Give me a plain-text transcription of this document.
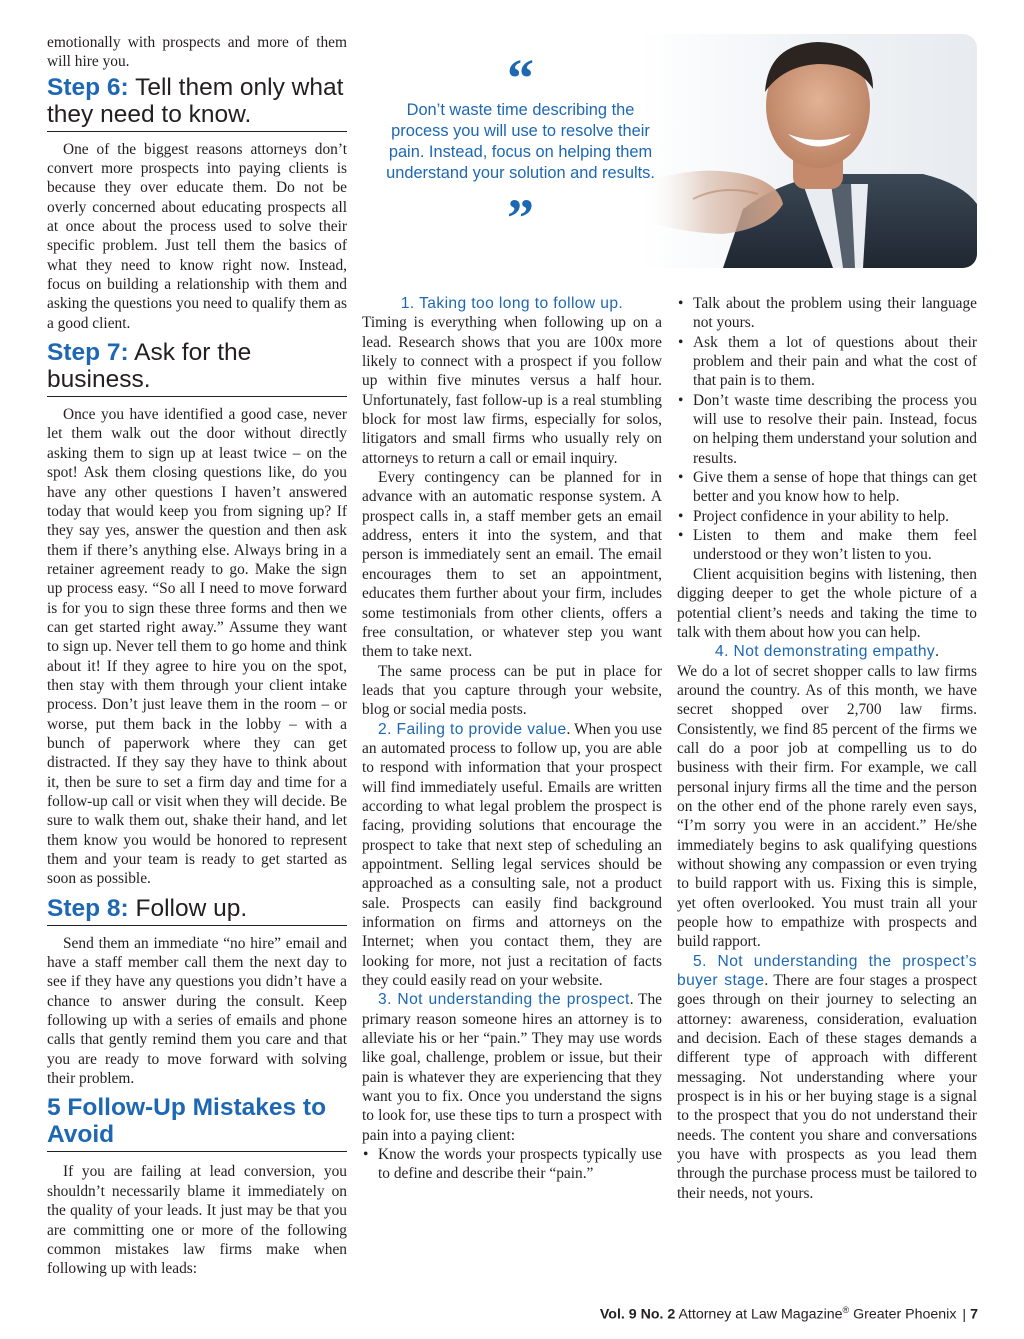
emotionally with prospects and more of them will hire you.

Step 6: Tell them only what they need to know.

One of the biggest reasons attorneys don’t convert more prospects into paying clients is because they over educate them. Do not be overly concerned about educating prospects all at once about the process used to solve their specific problem. Just tell them the basics of what they need to know right now. Instead, focus on building a relationship with them and asking the questions you need to qualify them as a good client.

Step 7: Ask for the business.

Once you have identified a good case, never let them walk out the door without directly asking them to sign up at least twice – on the spot! Ask them closing questions like, do you have any other questions I haven’t answered today that would keep you from signing up? If they say yes, answer the question and then ask them if there’s anything else. Always bring in a retainer agreement ready to go. Make the sign up process easy. “So all I need to move forward is for you to sign these three forms and then we can get started right away.” Assume they want to sign up. Never tell them to go home and think about it! If they agree to hire you on the spot, then stay with them through your client intake process. Don’t just leave them in the room – or worse, put them back in the lobby – with a bunch of paperwork where they can get distracted. If they say they have to think about it, then be sure to set a firm day and time for a follow-up call or visit when they will decide. Be sure to walk them out, shake their hand, and let them know you would be honored to represent them and your team is ready to get started as soon as possible.

Step 8: Follow up.

Send them an immediate “no hire” email and have a staff member call them the next day to see if they have any questions you didn’t have a chance to answer during the consult. Keep following up with a series of emails and phone calls that gently remind them you care and that you are ready to move forward with solving their problem.

5 Follow-Up Mistakes to Avoid

If you are failing at lead conversion, you shouldn’t necessarily blame it immediately on the quality of your leads. It just may be that you are committing one or more of the following common mistakes law firms make when following up with leads:

“
Don’t waste time describing the process you will use to resolve their pain. Instead, focus on helping them understand your solution and results.
”
1. Taking too long to follow up.

Timing is everything when following up on a lead. Research shows that you are 100x more likely to connect with a prospect if you follow up within five minutes versus a half hour. Unfortunately, fast follow-up is a real stumbling block for most law firms, especially for solos, litigators and small firms who usually rely on attorneys to return a call or email inquiry.

Every contingency can be planned for in advance with an automatic response system. A prospect calls in, a staff member gets an email address, enters it into the system, and that person is immediately sent an email. The email encourages them to set an appointment, educates them further about your firm, includes some testimonials from other clients, offers a free consultation, or whatever step you want them to take next.

The same process can be put in place for leads that you capture through your website, blog or social media posts.

2. Failing to provide value. When you use an automated process to follow up, you are able to respond with information that your prospect will find immediately useful. Emails are written according to what legal problem the prospect is facing, providing solutions that encourage the prospect to take that next step of scheduling an appointment. Selling legal services should be approached as a consulting sale, not a product sale. Prospects can easily find background information on firms and attorneys on the Internet; when you contact them, they are looking for more, not just a recitation of facts they could easily read on your website.

3. Not understanding the prospect. The primary reason someone hires an attorney is to alleviate his or her “pain.” They may use words like goal, challenge, problem or issue, but their pain is whatever they are experiencing that they want you to fix. Once you understand the signs to look for, use these tips to turn a prospect with pain into a paying client:

• Know the words your prospects typically use to define and describe their “pain.”
• Talk about the problem using their language not yours.
• Ask them a lot of questions about their problem and their pain and what the cost of that pain is to them.
• Don’t waste time describing the process you will use to resolve their pain. Instead, focus on helping them understand your solution and results.
• Give them a sense of hope that things can get better and you know how to help.
• Project confidence in your ability to help.
• Listen to them and make them feel understood or they won’t listen to you.

Client acquisition begins with listening, then digging deeper to get the whole picture of a potential client’s needs and taking the time to talk with them about how you can help.

4. Not demonstrating empathy.

We do a lot of secret shopper calls to law firms around the country. As of this month, we have secret shopped over 2,700 law firms. Consistently, we find 85 percent of the firms we call do a poor job at compelling us to do business with their firm. For example, we call personal injury firms all the time and the person on the other end of the phone rarely even says, “I’m sorry you were in an accident.” He/she immediately begins to ask qualifying questions without showing any compassion or even trying to build rapport with us. Fixing this is simple, yet often overlooked. You must train all your people how to empathize with prospects and build rapport.

5. Not understanding the prospect’s buyer stage. There are four stages a prospect goes through on their journey to selecting an attorney: awareness, consideration, evaluation and decision. Each of these stages demands a different type of approach with different messaging. Not understanding where your prospect is in his or her buying stage is a signal to the prospect that you do not understand their needs. The content you share and conversations you have with prospects as you lead them through the purchase process must be tailored to their needs, not yours.

Vol. 9 No. 2 Attorney at Law Magazine® Greater Phoenix | 7
